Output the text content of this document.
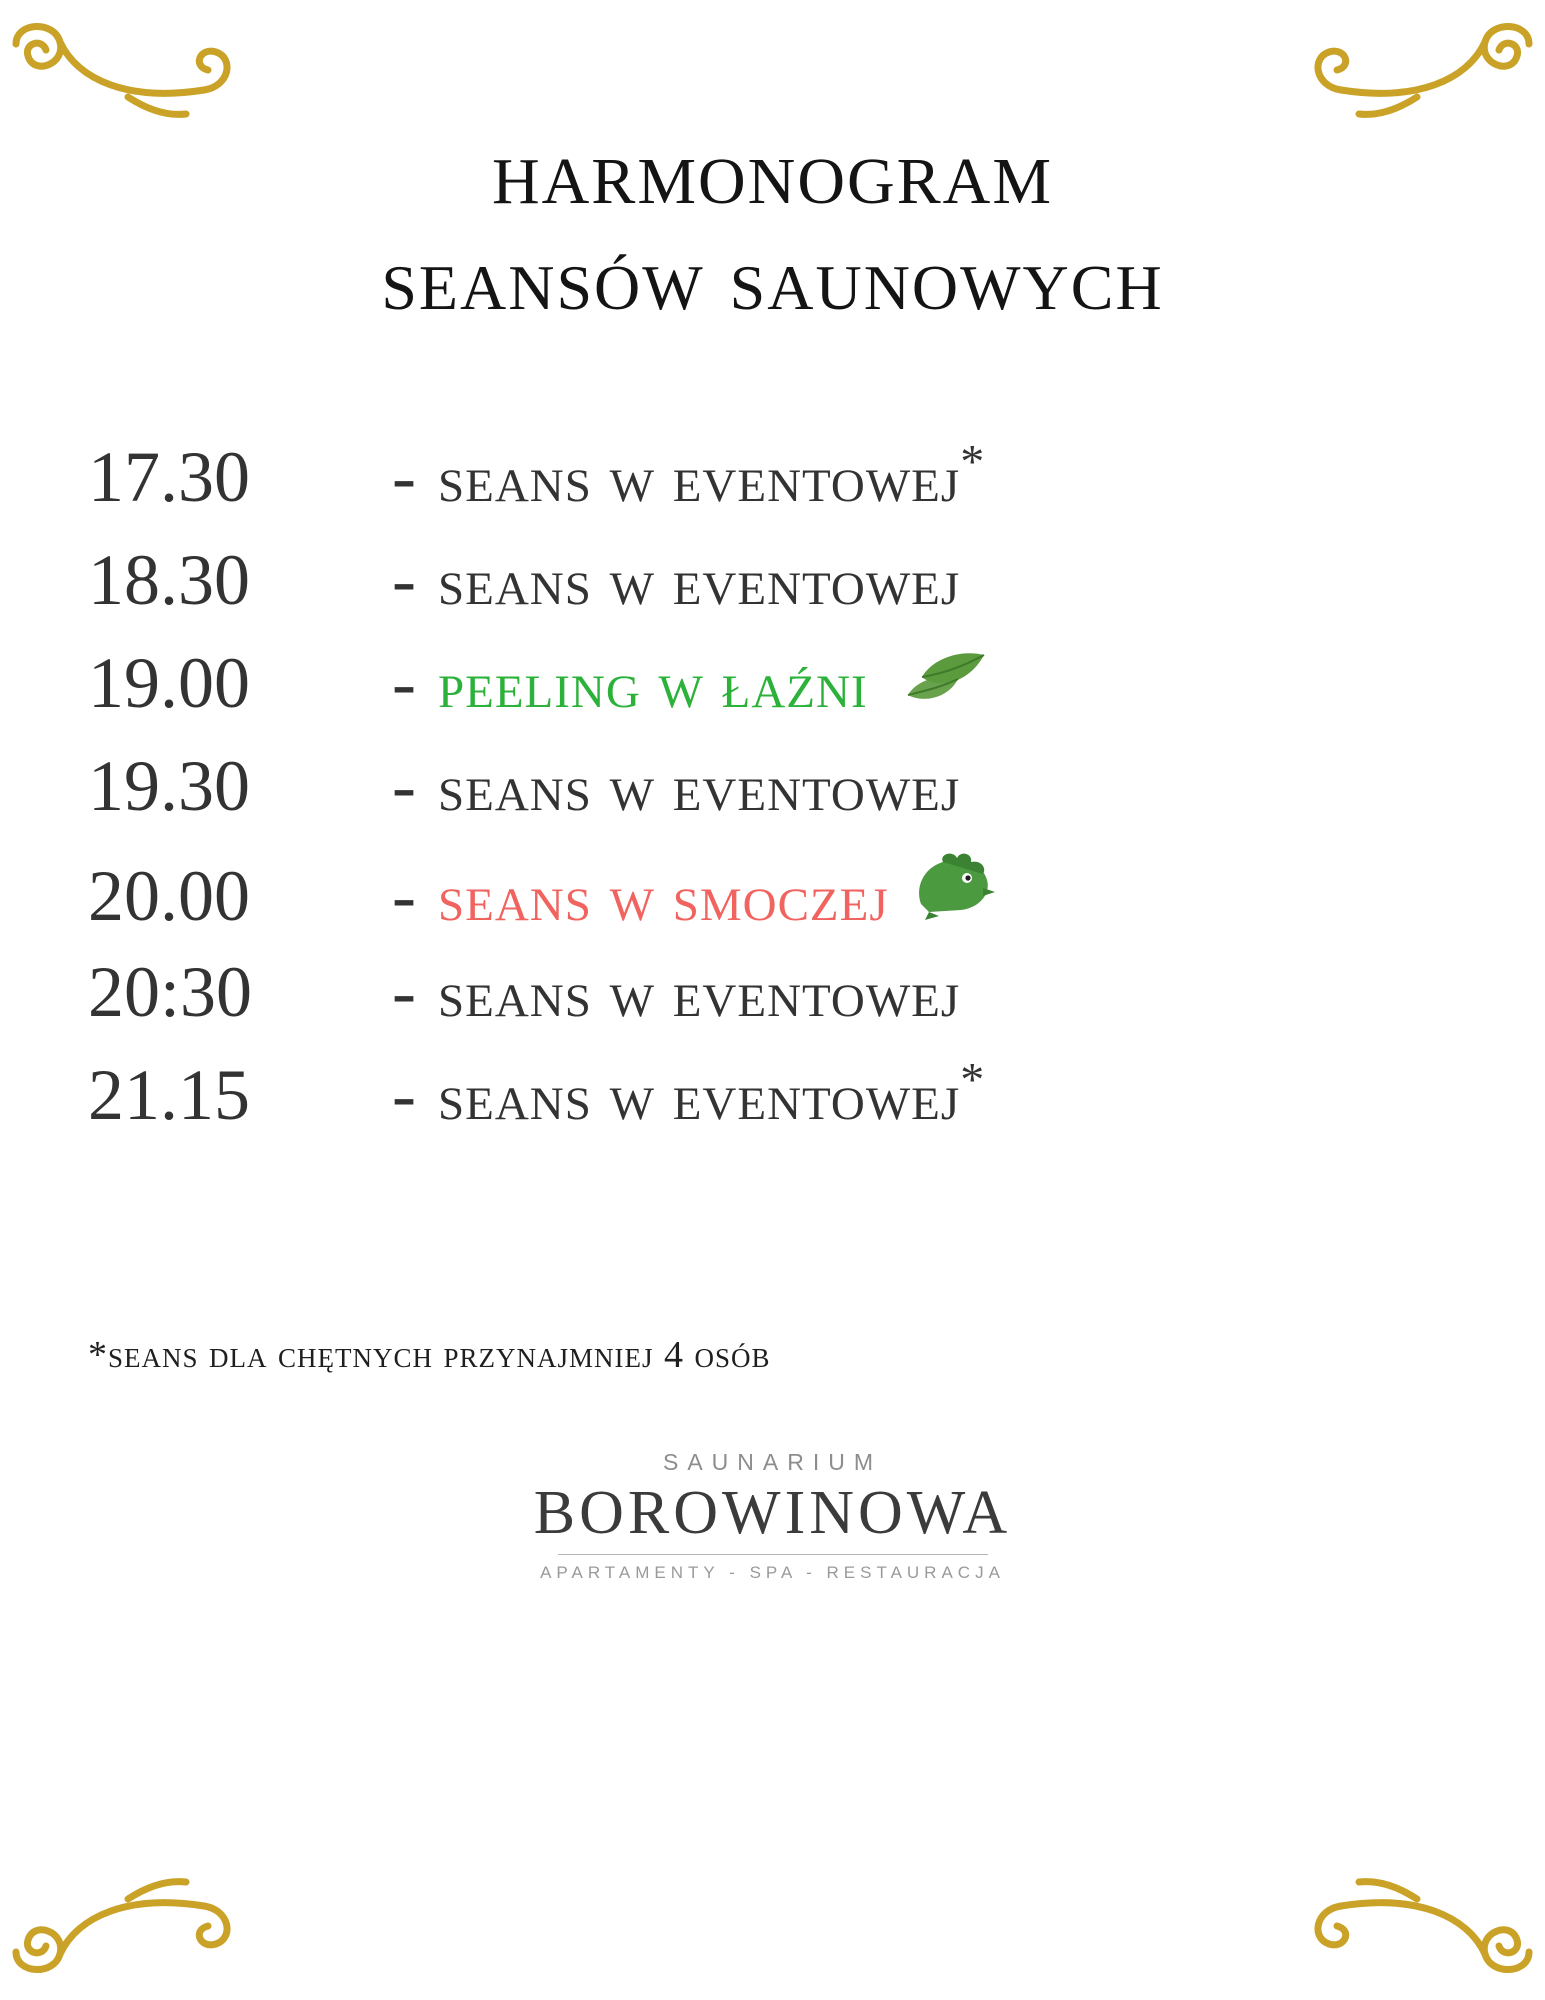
harmonogram
seansów saunowych
17.30	- seans w eventowej*
18.30	- seans w eventowej
19.00	- peeling w łaźni
19.30	- seans w eventowej
20.00	- seans w smoczej
20:30	- seans w eventowej
21.15	- seans w eventowej*
*seans dla chętnych przynajmniej 4 osób
SAUNARIUM
BOROWINOWA
APARTAMENTY - SPA - RESTAURACJA
